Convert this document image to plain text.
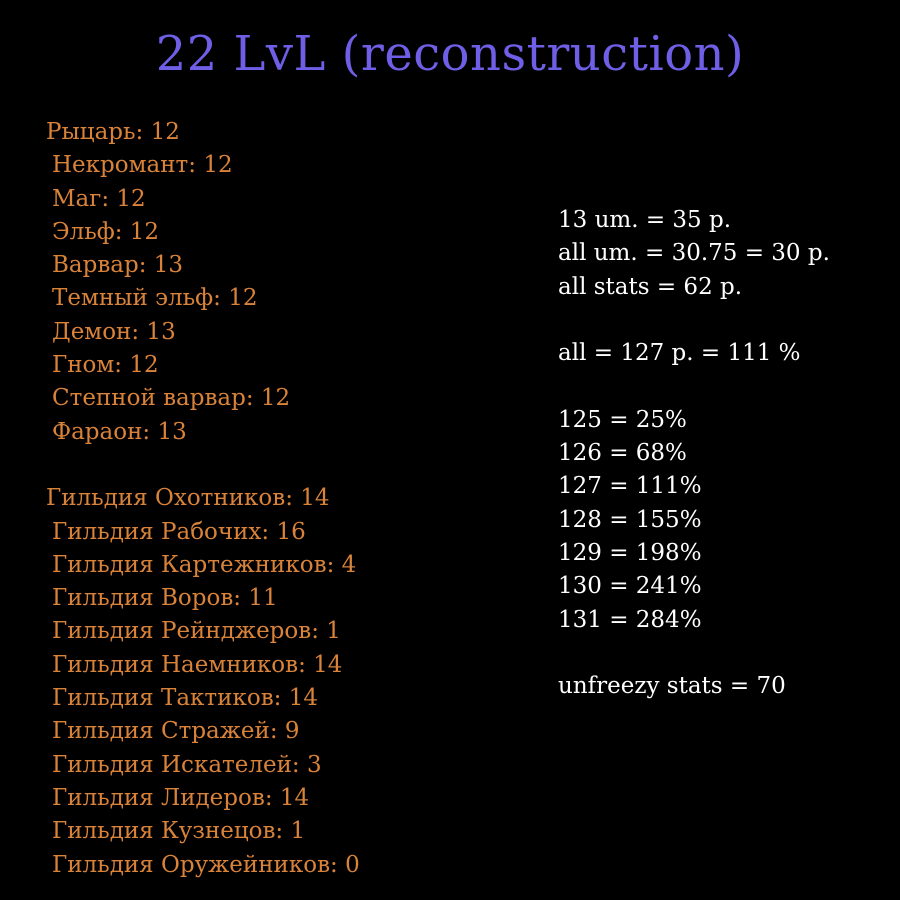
22 LvL (reconstruction)
Рыцарь: 12
Некромант: 12
Маг: 12
Эльф: 12
Варвар: 13
Темный эльф: 12
Демон: 13
Гном: 12
Степной варвар: 12
Фараон: 13
Гильдия Охотников: 14
Гильдия Рабочих: 16
Гильдия Картежников: 4
Гильдия Воров: 11
Гильдия Рейнджеров: 1
Гильдия Наемников: 14
Гильдия Тактиков: 14
Гильдия Стражей: 9
Гильдия Искателей: 3
Гильдия Лидеров: 14
Гильдия Кузнецов: 1
Гильдия Оружейников: 0
13 um. = 35 p.
all um. = 30.75 = 30 p.
all stats = 62 p.
all = 127 p. = 111 %
125 = 25%
126 = 68%
127 = 111%
128 = 155%
129 = 198%
130 = 241%
131 = 284%
unfreezy stats = 70
